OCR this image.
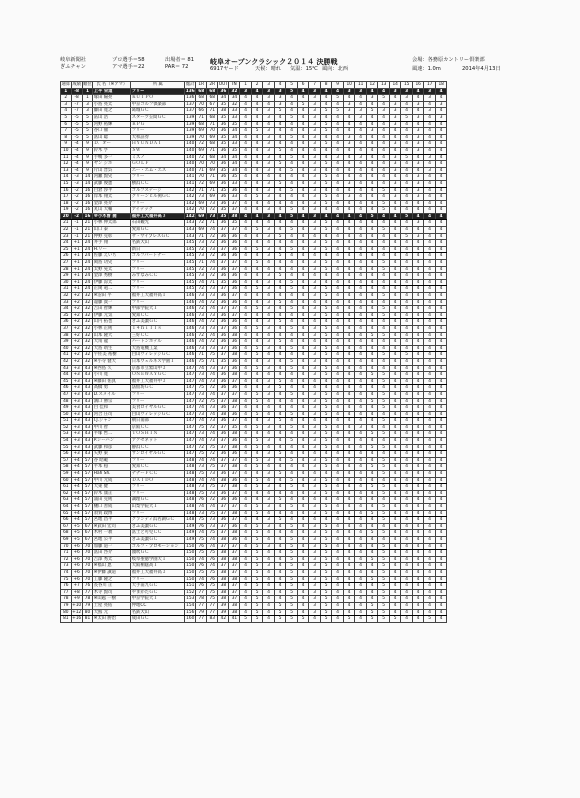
岐阜新聞社
ぎふチャン
プロ選手＝58
アマ選手＝22
出場者＝ 81
PAR＝ 72
岐阜オープンクラシック２０１４ 決勝戦
6917ヤード	天候：晴れ 気温：15℃ 風向：北西
会場：各務原カントリー倶楽部
風速：1.0m	2014年4月13日
通算	成績	順位	氏 名（※アマ）	所 属	総計	1R	2R	OUT	IN	1	2	3	4	5	6	7	8	9	10	11	12	13	14	15	16	17	18
1	-8	1	上平 栄道	フリー	136	68	68	36	32	3	4	3	3	5	4	3	4	4	3	3	4	4	3	3	4	3	4
2	-8	1	塚田 陽亮	ＫＵＩＰＯ	136	68	68	34	34	4	4	3	3	4	4	3	4	5	4	4	3	5	4	3	4	3	4
3	-7	3	小島 亮太	中京ゴルフ倶楽部	137	70	67	35	32	4	4	4	3	4	5	3	4	4	3	4	4	4	3	4	3	4	3
4	-7	3	藤田 寛之	葛城ＧＣ	137	66	71	38	33	4	4	3	5	4	4	3	5	5	3	3	5	3	3	4	4	3	4
5	-5	5	冨山 浩	スターツ笠間ＧＣ	139	71	68	35	33	4	4	3	4	5	4	3	4	4	4	3	4	4	3	5	3	4	3
6	-5	5	河野 祐輝	ＲＰＧ	139	68	71	36	35	4	4	4	4	4	4	3	5	4	4	4	4	4	3	4	4	4	4
7	-5	5	谷口 徹	フリー	139	69	70	36	34	4	5	3	4	4	4	3	5	4	4	4	3	4	4	4	3	4	4
8	-5	5	富山 聡	大和証券	139	70	69	35	34	4	4	3	4	5	4	3	4	4	3	4	4	4	4	4	3	4	4
9	-4	9	Ｄ．オー	ＨＹＵＮＤＡＩ	140	72	68	35	33	4	4	3	4	4	4	3	5	4	3	4	4	4	3	4	3	4	4
10	-4	9	鈴木 亨	ＳＷ	140	69	71	36	35	4	4	3	5	4	4	4	4	4	4	4	4	4	4	4	3	4	4
11	-4	9	手嶋 多一	ミズノ	140	72	68	34	34	4	4	3	4	5	4	3	4	3	4	3	4	4	3	5	4	3	4
12	-4	9	ヤン ジホ	ＧＯＬＦ	140	70	70	36	34	4	4	3	5	4	4	3	5	4	4	4	4	4	3	4	3	4	4
13	-4	9	片山 晋呉	エー・エム・エス	140	71	69	35	34	4	4	3	4	5	4	3	4	4	4	4	4	4	3	4	4	3	4
14	-3	14	河瀬 賢史	フリー	141	70	71	36	35	4	4	4	4	4	4	3	5	4	4	4	4	4	4	4	3	4	4
15	-3	14	武藤 俊憲	横浜ＣＣ	141	72	69	36	33	4	4	3	5	4	4	3	5	4	3	4	4	4	3	4	3	4	4
16	-2	16	白倉 渉平	ゴルフステージ	142	71	71	35	36	4	4	3	4	5	4	3	4	4	4	4	4	5	4	4	3	4	4
17	-2	16	岸本 翔太	グリーンヒル関ＧＣ	142	73	69	36	33	4	5	3	4	4	4	3	5	4	3	4	4	4	3	4	3	4	4
18	-2	16	金澤 亮介	フリー	142	69	73	36	37	4	4	4	4	4	4	3	5	4	4	4	4	5	4	4	4	4	4
19	-2	16	丸山 大輔	アイテック	142	70	72	35	37	4	4	3	4	5	4	3	4	4	4	4	4	5	4	4	4	4	4
20	-2	16	※小木曽 喬	福井工大福井高３	142	69	73	35	38	4	4	3	4	5	4	3	4	4	4	4	5	4	4	5	4	4	4
21	-1	21	小林 伸太郎	石田観光	143	72	71	36	35	4	4	4	4	4	4	3	5	4	4	4	4	4	4	4	3	4	4
22	-1	21	山口 泰	愛知ＧＣ	143	69	74	37	37	4	5	3	4	5	4	3	5	4	4	4	4	5	4	4	4	4	4
23	-1	21	仲野 克彰	ザ・サイプレスＧＣ	143	71	72	36	36	4	4	3	5	4	4	4	4	4	4	4	4	4	4	5	3	4	4
24	+1	24	井手 翔	名鉄犬山	145	73	72	36	36	4	4	4	4	4	4	3	5	4	4	4	4	4	4	4	4	4	4
25	+1	24	H.リー	新日	145	72	73	37	36	4	5	3	4	5	4	3	5	4	4	4	4	4	4	4	4	4	4
26	+1	24	佐藤 えいち	ゴルフパートナー	145	73	72	36	36	4	4	3	5	4	4	4	4	4	4	4	4	4	4	4	4	4	4
27	+1	24	岡島 功史	フリー	145	71	74	37	37	4	5	4	4	4	4	3	5	4	4	4	4	5	4	4	4	4	4
28	+1	24	太野 晃太	フリー	145	72	73	36	37	4	4	4	4	4	4	3	5	4	4	4	4	5	4	4	4	4	4
29	+1	24	金澤 秀樹	みずなみＣＣ	145	73	72	36	36	4	4	3	5	4	4	4	4	4	4	4	4	4	4	4	4	4	4
30	+1	24	伊藤 涼太	フリー	145	74	71	35	36	4	4	3	4	5	4	3	4	4	4	4	4	4	4	4	4	4	4
31	+1	24	正岡 竜二	フリー	145	72	73	37	36	4	5	3	4	5	4	3	5	4	4	4	4	4	4	4	4	4	4
32	+2	32	※沼田 平	福井工大福井高１	146	73	73	36	37	4	4	4	4	4	4	3	5	4	4	4	4	5	4	4	4	4	4
33	+2	32	遠藤 貴一	フリー	146	74	72	36	36	4	4	3	5	4	4	4	4	4	4	4	4	4	4	4	4	4	4
34	+2	32	吉田 智輝	中部学院大１	146	72	74	37	37	4	5	3	4	5	4	3	5	4	4	4	4	5	4	4	4	4	4
35	+2	32	伊藤 元気	愛知ＣＣ	146	73	73	36	37	4	4	4	4	4	4	3	5	4	4	4	4	5	4	4	4	4	4
36	+2	32	山内 拓也	ぎふ美濃ＧＣ	146	74	72	36	36	4	4	3	5	4	4	4	4	4	4	4	4	4	4	4	4	4	4
37	+2	32	小林 正則	１４ｈｉｌｌｓ	146	73	73	37	36	4	5	3	4	5	4	3	5	4	4	4	4	4	4	4	4	4	4
38	+2	32	山本 隆大	三好ＣＣ	146	72	74	36	38	4	4	4	4	4	4	3	5	4	4	4	5	5	4	4	4	4	4
39	+2	32	大角 龍	ハートンホテル	146	74	72	36	36	4	4	3	5	4	4	4	4	4	4	4	4	4	4	4	4	4	4
40	+2	32	大島 靖生	大島電機工業	146	73	73	37	36	4	5	3	4	5	4	3	5	4	4	4	4	4	4	4	4	4	4
41	+2	32	宇佐美 祐樹	白山ヴィレッジＧＣ	146	71	75	37	38	4	5	4	4	4	4	3	5	4	4	4	4	5	4	5	4	4	4
42	+2	32	※小寺 健大	日本ウェルネス学園１	146	75	71	35	36	4	4	3	4	5	4	3	4	4	4	4	4	4	4	4	4	4	4
43	+3	43	※西島 久	京都市立紫山中３	147	74	73	37	36	4	5	3	4	5	4	3	5	4	4	4	4	4	4	4	4	4	4
44	+3	43	小川 寛	ＯＮＥＷＡＹＧＣ	147	73	74	36	38	4	4	4	4	4	4	3	5	4	4	4	5	5	4	4	4	4	4
45	+3	43	※藤田 佑真	福井工大福井中３	147	74	73	36	37	4	4	3	5	4	4	4	4	4	4	4	4	5	4	4	4	4	4
46	+3	43	高橋 勇	法仙坊ＧＣ	147	75	72	36	36	4	4	3	5	4	4	4	4	4	4	4	4	4	4	4	4	4	4
47	+3	43	D.スメイル	フリー	147	73	74	37	37	4	5	3	4	5	4	3	5	4	4	4	4	5	4	4	4	4	4
48	+3	43	溝口 勝宗	フリー	147	72	75	37	38	4	5	4	4	4	4	3	5	4	4	4	5	5	4	4	4	4	4
49	+3	43	白 佳和	美食ロイヤルＧＣ	147	74	73	36	37	4	4	4	4	4	4	3	5	4	4	4	4	5	4	4	4	4	4
50	+3	43	河合 庄司	白山ヴィレッジＧＣ	147	73	74	38	36	4	5	4	4	5	4	3	5	4	4	4	4	4	4	4	4	4	4
51	+3	43	I.J.ジャン	朝日南部	147	74	73	36	37	4	4	3	5	4	4	4	4	4	4	4	4	5	4	4	4	4	4
52	+3	43	中川 智	京阪ＣＣ	147	75	72	37	35	4	5	3	4	5	4	3	5	4	4	3	4	4	4	4	4	4	4
53	+3	43	平塚 哲二	ＴＯＳＨＩＮ	147	73	74	36	38	4	4	4	4	4	4	3	5	4	4	4	5	5	4	4	4	4	4
54	+3	43	P.シーハン	アクセネット	147	74	73	37	36	4	5	3	4	5	4	3	5	4	4	4	4	4	4	4	4	4	4
55	+3	43	武藤 和彦	静浜ＣＣ	147	72	75	37	38	4	5	4	4	4	4	3	5	4	4	4	5	5	4	4	4	4	4
56	+3	43	矢野 東	サンロイヤルＧＣ	147	75	72	36	36	4	4	3	5	4	4	4	4	4	4	4	4	4	4	4	4	4	4
57	+4	57	谷 昭範	フリー	148	74	74	37	37	4	5	3	4	5	4	3	5	4	4	4	4	5	4	4	4	4	4
58	+4	57	平本 穏	愛知ＣＣ	148	73	75	37	38	4	5	4	4	4	4	3	5	4	4	4	5	5	4	4	4	4	4
59	+4	57	Hah Sh.	ナナーＦＣＣ	148	75	73	36	37	4	4	3	5	4	4	4	4	4	4	4	4	5	4	4	4	4	4
60	+4	57	中川 元成	ＤＡＩＤＯ	148	74	74	38	36	4	5	4	4	5	4	3	5	4	4	4	4	4	4	4	4	4	4
61	+4	57	大東 健	フリー	148	73	75	37	38	4	5	3	4	5	4	3	5	4	4	4	5	5	4	4	4	4	4
62	+4	57	鈴木 康正	フリー	148	75	73	36	37	4	4	4	4	4	4	3	5	4	4	4	4	5	4	4	4	4	4
63	+4	57	浦田 克則	調理ＧＣ	148	76	72	36	36	4	4	3	5	4	4	4	4	4	4	4	4	4	4	4	4	4	4
64	+4	57	樋口 善成	山梨学院大１	148	74	74	37	37	4	5	3	4	5	4	3	5	4	4	4	4	5	4	4	4	4	4
65	+4	57	須賀 政博	フリー	148	73	75	37	38	4	5	4	4	4	4	3	5	4	4	4	5	5	4	4	4	4	4
66	+4	57	宮地 昌平	グランディ浜名湖ＧＣ	148	75	73	36	37	4	4	3	5	4	4	4	4	4	4	4	4	5	4	4	4	4	4
67	+5	67	※武田 宏司	ぎふ美濃ＧＣ	149	76	73	37	36	4	5	3	4	5	4	3	5	4	4	4	4	4	4	4	4	4	4
68	+5	67	木村 一教	富士と可児ＣＣ	149	74	75	37	38	4	5	4	4	4	4	3	5	4	4	4	5	5	4	4	4	4	4
69	+5	67	宮地 公平	ぎふ美濃ＧＣ	149	75	74	38	36	4	5	4	4	5	4	3	5	4	4	4	4	4	4	4	4	4	4
70	+6	70	加藤 道一	ゴルフ・プロモーション	150	76	74	37	37	4	5	3	4	5	4	3	5	4	4	4	4	5	4	4	4	4	4
71	+6	70	富田 啓介	頭吹ＧＣ	150	75	75	38	37	4	5	4	4	5	4	3	5	4	4	4	4	5	4	4	4	4	4
72	+6	70	吉澤 秀太	岐阜聖徳学園大１	150	74	76	38	38	4	5	4	4	5	4	3	5	4	4	4	5	5	4	4	4	4	4
73	+6	70	※福山 恵	大阪桐蔭高１	150	76	74	37	37	4	5	3	4	5	4	3	5	4	4	4	4	5	4	4	4	4	4
74	+6	70	※伊藤 誠道	福井工大福井高３	150	75	75	38	37	4	5	4	4	5	4	3	5	4	4	4	4	5	4	4	4	4	4
75	+6	70	工藤 隆之	フリー	150	74	76	38	38	4	5	4	4	5	4	3	5	4	4	4	5	5	4	4	4	4	4
76	+7	76	長谷川 正	大手前九ＧＣ	151	76	75	38	37	4	5	4	4	5	4	3	5	4	4	4	4	5	4	4	4	4	4
77	+8	77	木寺 賢司	やまがたＧＣ	152	77	75	38	37	4	5	4	4	5	4	3	5	4	4	4	4	5	4	4	4	4	4
78	+9	78	※山越 一樹	中京学院大１	153	78	75	38	37	4	5	4	4	5	4	3	5	4	4	4	4	5	4	4	4	4	4
79	+10	79	土屋 亮佑	仲地CC	154	77	77	39	38	4	5	4	5	5	4	3	5	4	4	4	5	5	4	4	4	4	4
80	+12	80	大熊 元	名鉄犬山	156	79	77	39	38	4	5	4	5	5	4	3	5	4	4	4	5	5	4	4	4	4	4
81	+16	81	※太田 勝治	成田ＧＣ	160	77	83	42	41	5	5	4	5	5	5	4	5	4	5	4	5	5	5	4	4	5	4
